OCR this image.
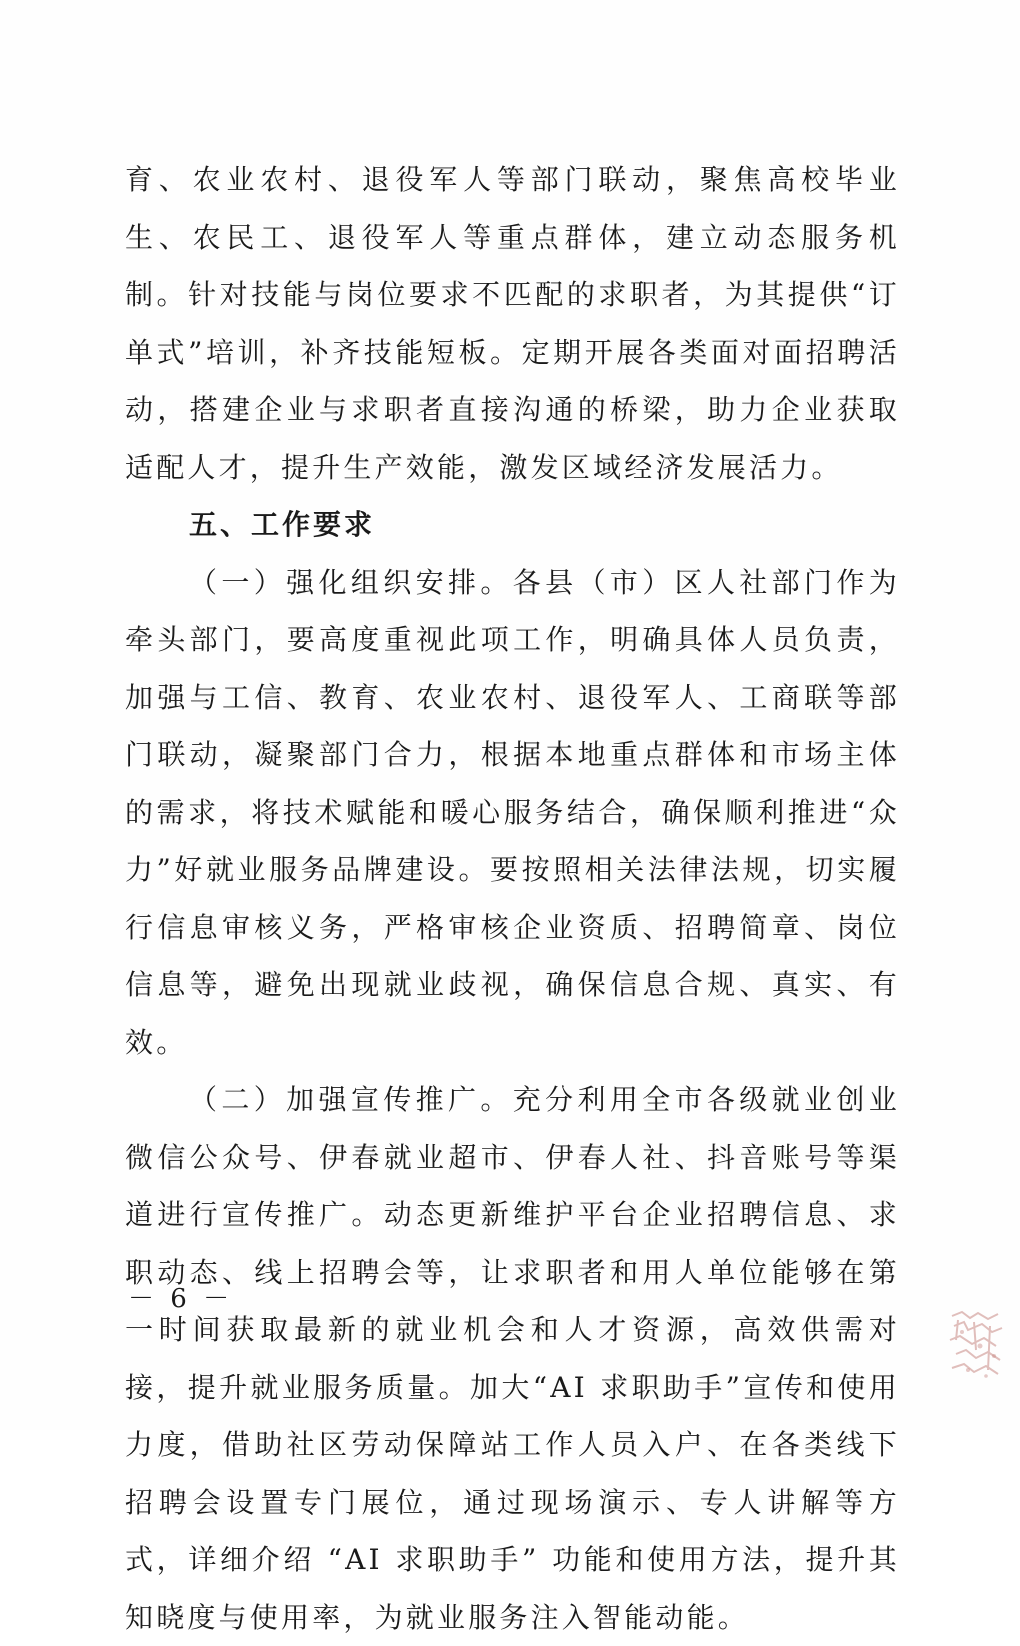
育、农业农村、退役军人等部门联动，聚焦高校毕业生、农民工、退役军人等重点群体，建立动态服务机制。针对技能与岗位要求不匹配的求职者，为其提供“订单式”培训，补齐技能短板。定期开展各类面对面招聘活动，搭建企业与求职者直接沟通的桥梁，助力企业获取适配人才，提升生产效能，激发区域经济发展活力。

五、工作要求

（一）强化组织安排。各县（市）区人社部门作为牵头部门，要高度重视此项工作，明确具体人员负责，加强与工信、教育、农业农村、退役军人、工商联等部门联动，凝聚部门合力，根据本地重点群体和市场主体的需求，将技术赋能和暖心服务结合，确保顺利推进“众力”好就业服务品牌建设。要按照相关法律法规，切实履行信息审核义务，严格审核企业资质、招聘简章、岗位信息等，避免出现就业歧视，确保信息合规、真实、有效。

（二）加强宣传推广。充分利用全市各级就业创业微信公众号、伊春就业超市、伊春人社、抖音账号等渠道进行宣传推广。动态更新维护平台企业招聘信息、求职动态、线上招聘会等，让求职者和用人单位能够在第一时间获取最新的就业机会和人才资源，高效供需对接，提升就业服务质量。加大“AI 求职助手”宣传和使用力度，借助社区劳动保障站工作人员入户、在各类线下招聘会设置专门展位，通过现场演示、专人讲解等方式，详细介绍 “AI 求职助手” 功能和使用方法，提升其知晓度与使用率，为就业服务注入智能动能。

－ 6 －
